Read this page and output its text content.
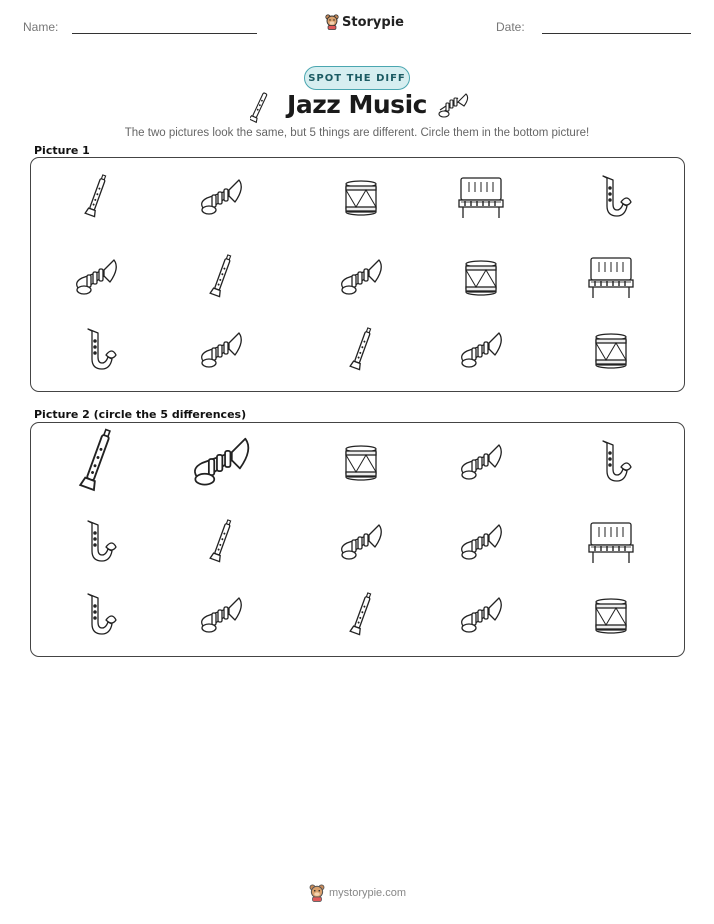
Name:	Storypie	Date:
SPOT THE DIFF
Jazz Music
The two pictures look the same, but 5 things are different. Circle them in the bottom picture!
Picture 1
Picture 2 (circle the 5 differences)
mystorypie.com
